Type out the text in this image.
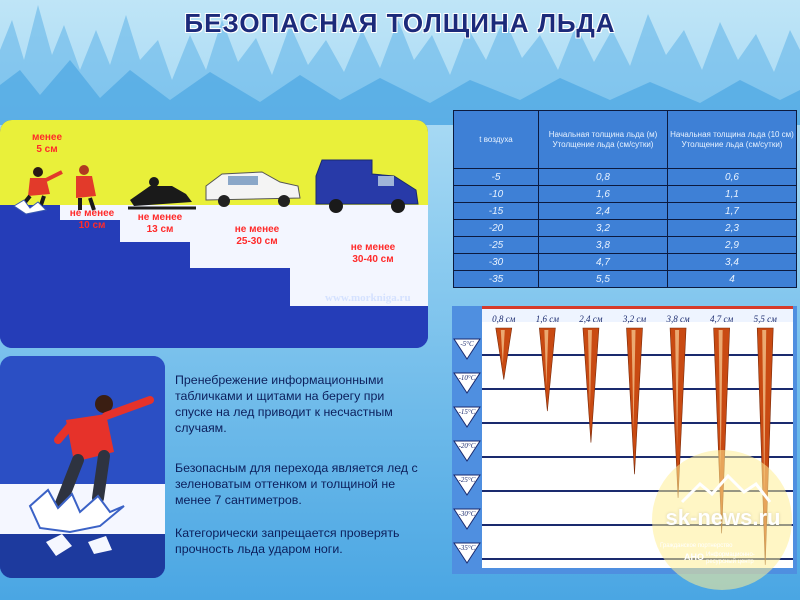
БЕЗОПАСНАЯ ТОЛЩИНА ЛЬДА
менее
5 см
не менее
10 см
не менее
13 см	не менее
25-30 см
не менее
30-40 см
www.morkniga.ru
Пренебрежение информационными табличками и щитами на берегу при спуске на лед приводит к несчастным случаям.
Безопасным для перехода является лед с зеленоватым оттенком и толщиной не менее 7 сантиметров.
Категорически запрещается проверять прочность льда ударом ноги.
t воздуха	Начальная толщина льда (м) Утолщение льда (см/сутки)	Начальная толщина льда (10 см) Утолщение льда (см/сутки)
-5	0,8	0,6
-10	1,6	1,1
-15	2,4	1,7
-20	3,2	2,3
-25	3,8	2,9
-30	4,7	3,4
-35	5,5	4
-5°C
-10°C
-15°C
-20°C
-25°C
-30°C
-35°C
0,8 см 1,6 см 2,4 см 3,2 см 3,8 см 4,7 см 5,5 см
sk-news.ru
Гражданское портнерство
Информационно-
ресурсный центр
АНО
